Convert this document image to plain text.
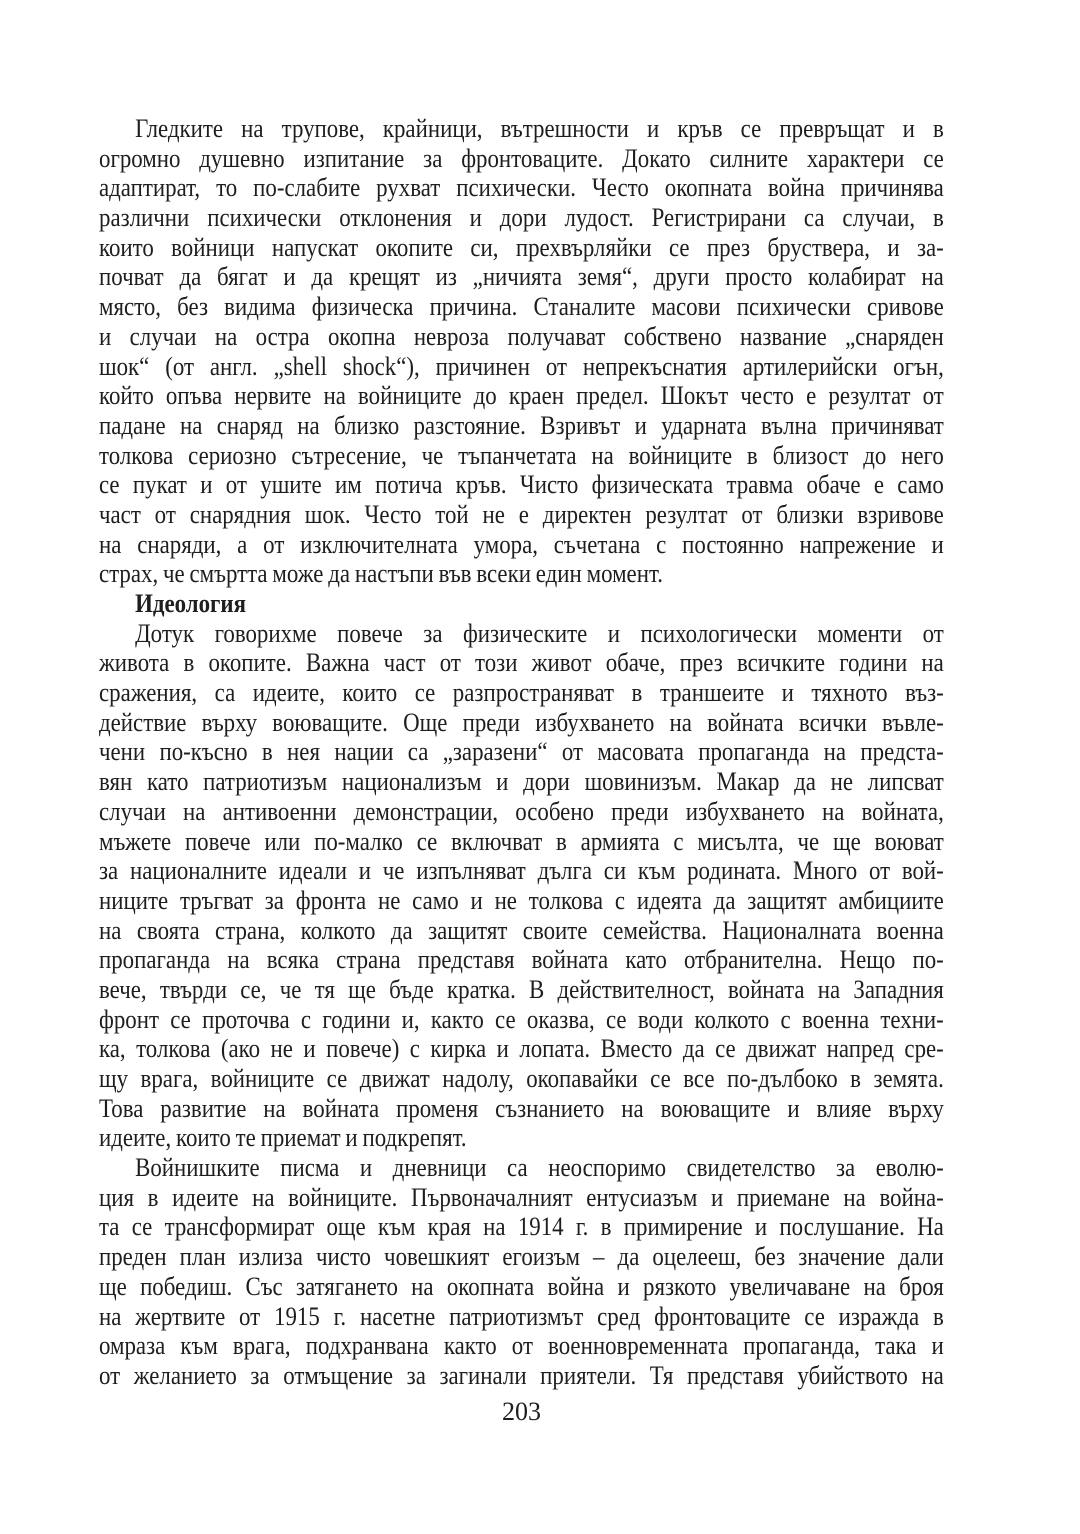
Гледките на трупове, крайници, вътрешности и кръв се превръщат и в
огромно душевно изпитание за фронтоваците. Докато силните характери се
адаптират, то по-слабите рухват психически. Често окопната война причинява
различни психически отклонения и дори лудост. Регистрирани са случаи, в
които войници напускат окопите си, прехвърляйки се през бруствера, и за-
почват да бягат и да крещят из „ничията земя“, други просто колабират на
място, без видима физическа причина. Станалите масови психически сривове
и случаи на остра окопна невроза получават собствено название „снаряден
шок“ (от англ. „shell shock“), причинен от непрекъснатия артилерийски огън,
който опъва нервите на войниците до краен предел. Шокът често е резултат от
падане на снаряд на близко разстояние. Взривът и ударната вълна причиняват
толкова сериозно сътресение, че тъпанчетата на войниците в близост до него
се пукат и от ушите им потича кръв. Чисто физическата травма обаче е само
част от снарядния шок. Често той не е директен резултат от близки взривове
на снаряди, а от изключителната умора, съчетана с постоянно напрежение и
страх, че смъртта може да настъпи във всеки един момент.
Идеология
Дотук говорихме повече за физическите и психологически моменти от
живота в окопите. Важна част от този живот обаче, през всичките години на
сражения, са идеите, които се разпространяват в траншеите и тяхното въз-
действие върху воюващите. Още преди избухването на войната всички въвле-
чени по-късно в нея нации са „заразени“ от масовата пропаганда на предста-
вян като патриотизъм национализъм и дори шовинизъм. Макар да не липсват
случаи на антивоенни демонстрации, особено преди избухването на войната,
мъжете повече или по-малко се включват в армията с мисълта, че ще воюват
за националните идеали и че изпълняват дълга си към родината. Много от вой-
ниците тръгват за фронта не само и не толкова с идеята да защитят амбициите
на своята страна, колкото да защитят своите семейства. Националната военна
пропаганда на всяка страна представя войната като отбранителна. Нещо по-
вече, твърди се, че тя ще бъде кратка. В действителност, войната на Западния
фронт се проточва с години и, както се оказва, се води колкото с военна техни-
ка, толкова (ако не и повече) с кирка и лопата. Вместо да се движат напред сре-
щу врага, войниците се движат надолу, окопавайки се все по-дълбоко в земята.
Това развитие на войната променя съзнанието на воюващите и влияе върху
идеите, които те приемат и подкрепят.
Войнишките писма и дневници са неоспоримо свидетелство за еволю-
ция в идеите на войниците. Първоначалният ентусиазъм и приемане на война-
та се трансформират още към края на 1914 г. в примирение и послушание. На
преден план излиза чисто човешкият егоизъм – да оцелееш, без значение дали
ще победиш. Със затягането на окопната война и рязкото увеличаване на броя
на жертвите от 1915 г. насетне патриотизмът сред фронтоваците се изражда в
омраза към врага, подхранвана както от военновременната пропаганда, така и
от желанието за отмъщение за загинали приятели. Тя представя убийството на
203
